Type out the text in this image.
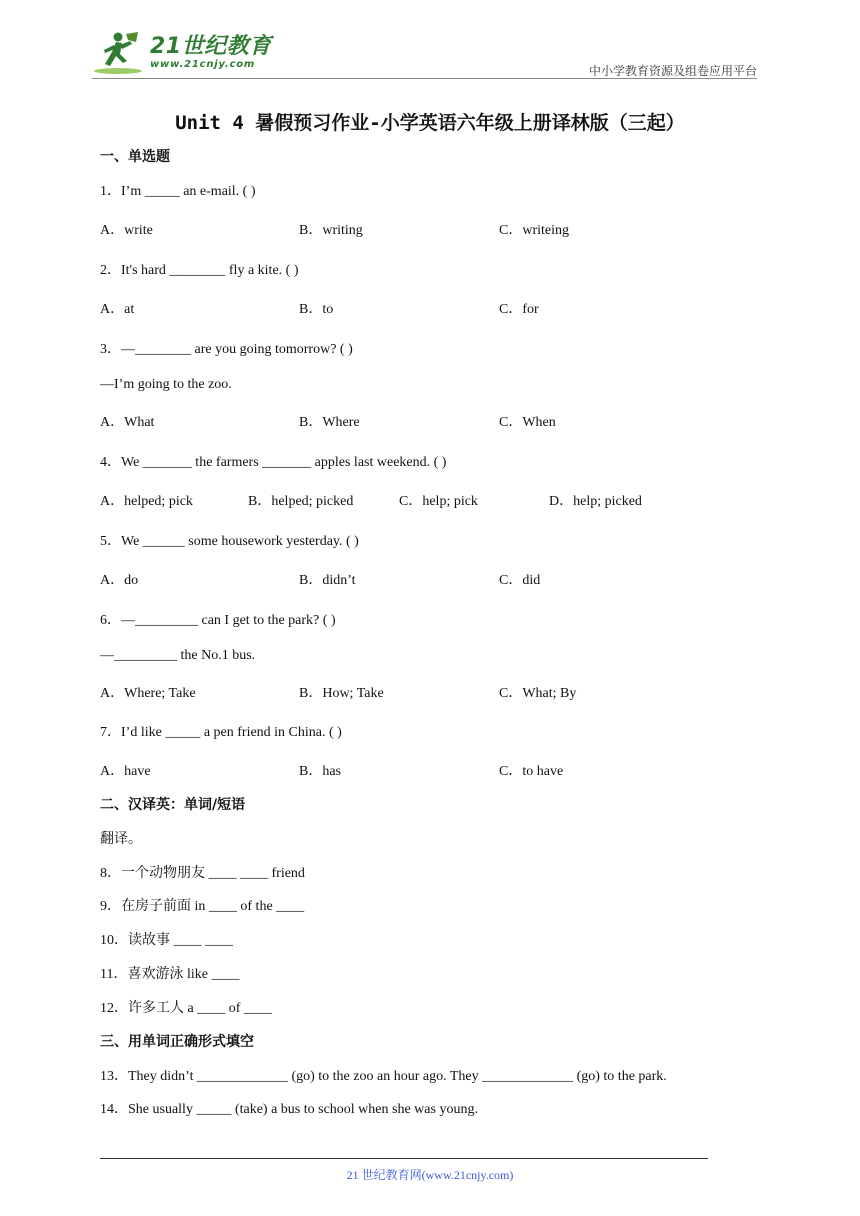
21世纪教育
www.21cnjy.com	中小学教育资源及组卷应用平台
Unit 4 暑假预习作业-小学英语六年级上册译林版（三起）
一、单选题
1．I’m _____ an e-mail. ( )
A．write	B．writing	C．writeing
2．It's hard ________ fly a kite. ( )
A．at	B．to	C．for
3．—________ are you going tomorrow? ( )
—I’m going to the zoo.
A．What	B．Where	C．When
4．We _______ the farmers _______ apples last weekend. ( )
A．helped; pick	B．helped; picked	C．help; pick	D．help; picked
5．We ______ some housework yesterday. ( )
A．do	B．didn’t	C．did
6．—_________ can I get to the park? ( )
—_________ the No.1 bus.
A．Where; Take	B．How; Take	C．What; By
7．I’d like _____ a pen friend in China. ( )
A．have	B．has	C．to have
二、汉译英：单词/短语
翻译。
8．一个动物朋友 ____ ____ friend
9．在房子前面 in ____ of the ____
10．读故事 ____ ____
11．喜欢游泳 like ____
12．许多工人 a ____ of ____
三、用单词正确形式填空
13．They didn’t _____________ (go) to the zoo an hour ago. They _____________ (go) to the park.
14．She usually _____ (take) a bus to school when she was young.
21 世纪教育网(www.21cnjy.com)
